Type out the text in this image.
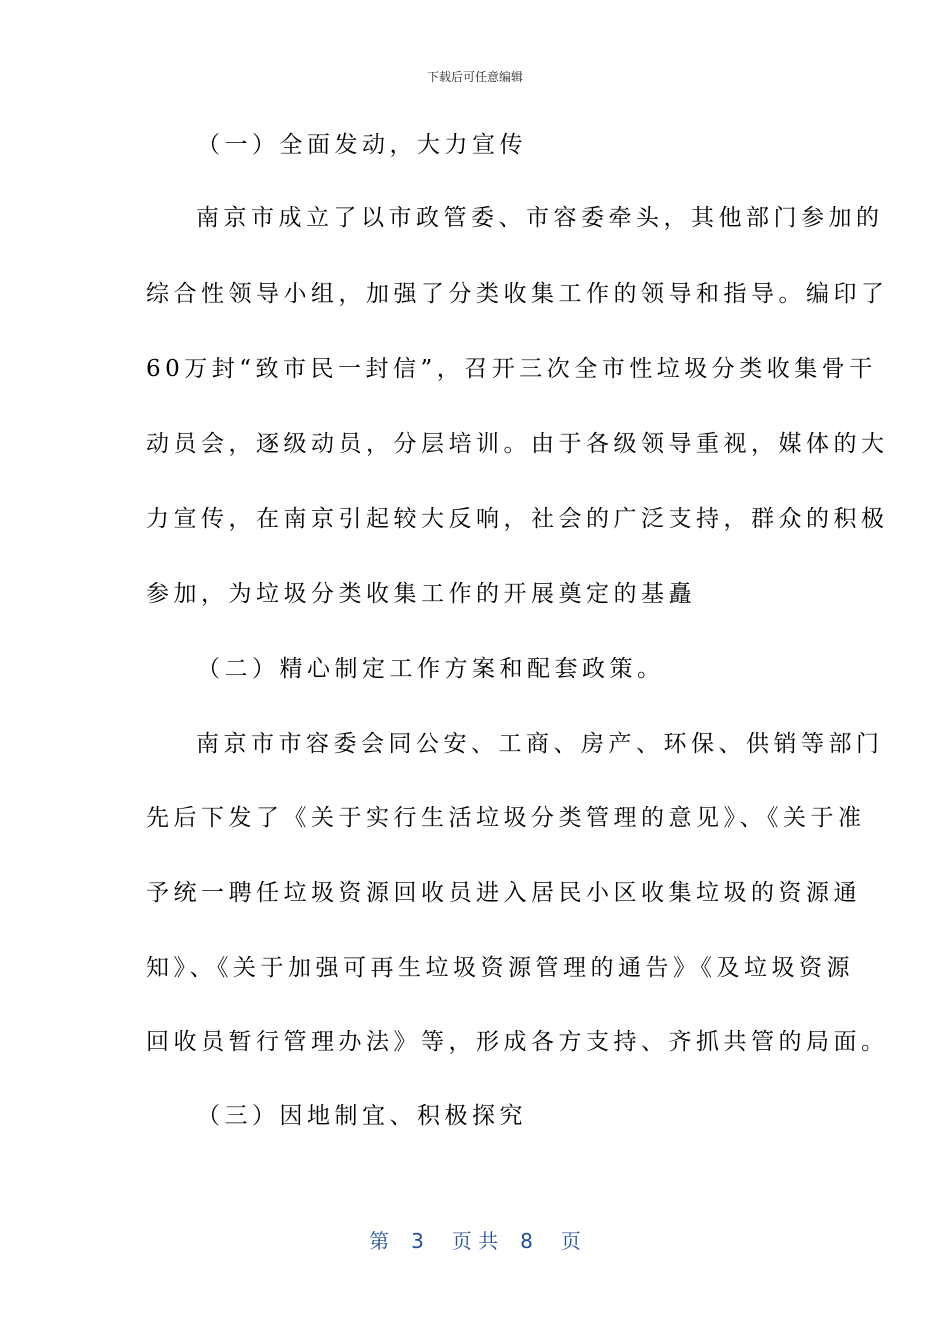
下载后可任意编辑
（一）全面发动，大力宣传
南京市成立了以市政管委、市容委牵头，其他部门参加的
综合性领导小组，加强了分类收集工作的领导和指导。编印了
60万封“致市民一封信”，召开三次全市性垃圾分类收集骨干
动员会，逐级动员，分层培训。由于各级领导重视，媒体的大
力宣传，在南京引起较大反响，社会的广泛支持，群众的积极
参加，为垃圾分类收集工作的开展奠定的基矗
（二）精心制定工作方案和配套政策。
南京市市容委会同公安、工商、房产、环保、供销等部门
先后下发了《关于实行生活垃圾分类管理的意见》、《关于准
予统一聘任垃圾资源回收员进入居民小区收集垃圾的资源通
知》、《关于加强可再生垃圾资源管理的通告》《及垃圾资源
回收员暂行管理办法》等，形成各方支持、齐抓共管的局面。
（三）因地制宜、积极探究
第 3 页 共 8 页
